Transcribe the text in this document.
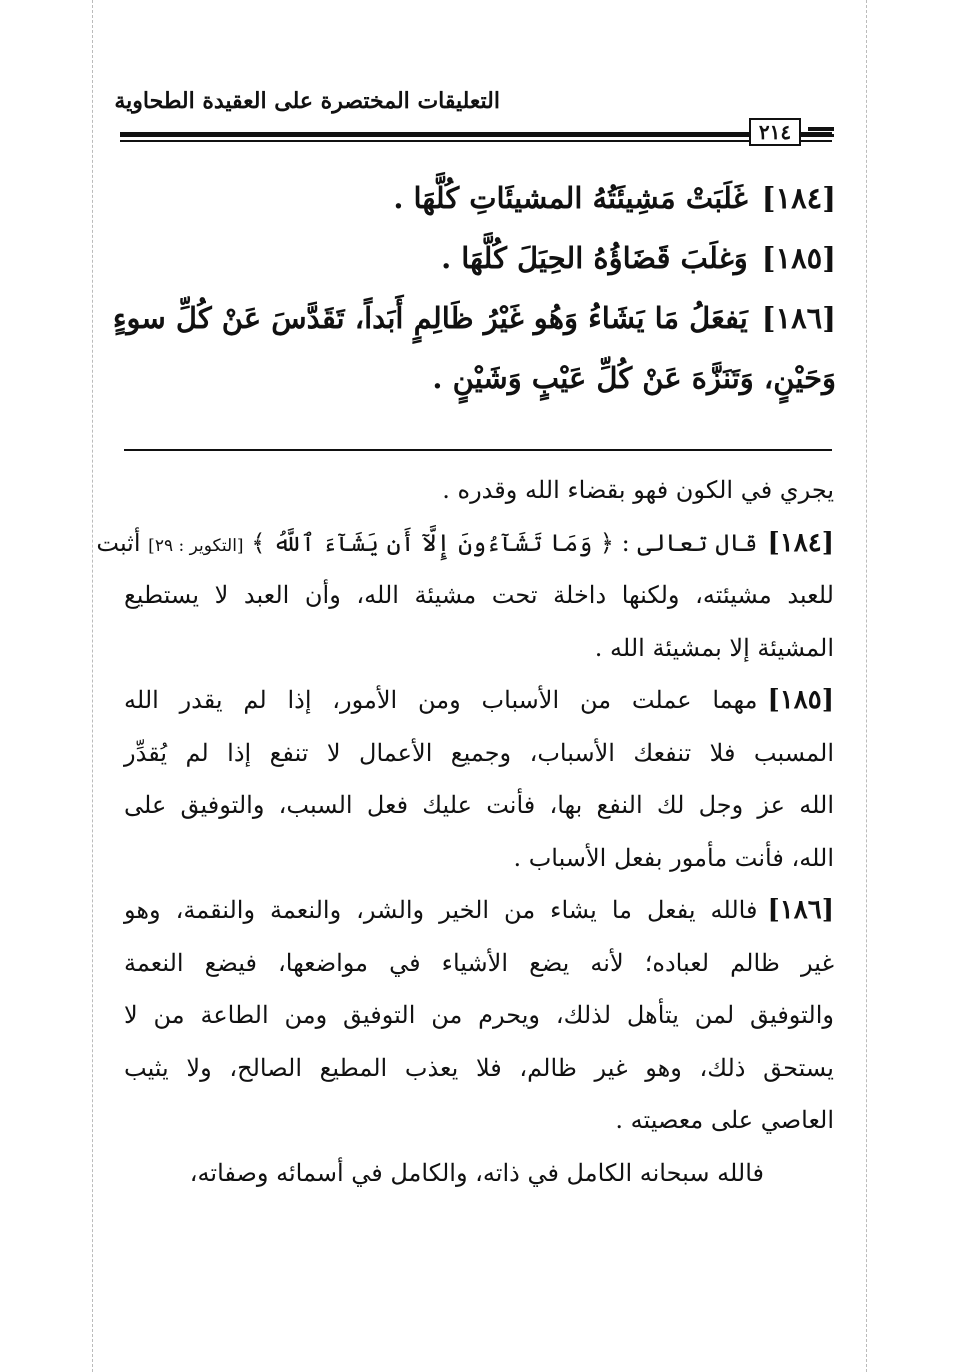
التعليقات المختصرة على العقيدة الطحاوية
٢١٤
[١٨٤]غَلَبَتْ مَشِيئَتُهُ المشيئَاتِ كُلَّهَا .
[١٨٥]وَغلَبَ قَضَاؤُهُ الحِيَلَ كُلَّهَا .
[١٨٦]يَفعَلُ مَا يَشَاءُ وَهُو غَيْرُ ظَالِمٍ أَبَداً، تَقَدَّسَ عَنْ كُلِّ سوءٍ
وَحَيْنٍ، وَتَنَزَّهَ عَنْ كُلِّ عَيْبٍ وَشَيْنٍ .
يجري في الكون فهو بقضاء الله وقدره .
[١٨٤]قال تعالى : ﴿ وَمَا تَشَآءُونَ إِلَّآ أَن يَشَآءَ ٱللَّهُ ﴾ [التكوير : ٢٩] أثبت
للعبد مشيئته، ولكنها داخلة تحت مشيئة الله، وأن العبد لا يستطيع
المشيئة إلا بمشيئة الله .
[١٨٥]مهما عملت من الأسباب ومن الأمور، إذا لم يقدر الله
المسبب فلا تنفعك الأسباب، وجميع الأعمال لا تنفع إذا لم يُقدِّر
الله عز وجل لك النفع بها، فأنت عليك فعل السبب، والتوفيق على
الله، فأنت مأمور بفعل الأسباب .
[١٨٦]فالله يفعل ما يشاء من الخير والشر، والنعمة والنقمة، وهو
غير ظالم لعباده؛ لأنه يضع الأشياء في مواضعها، فيضع النعمة
والتوفيق لمن يتأهل لذلك، ويحرم من التوفيق ومن الطاعة من لا
يستحق ذلك، وهو غير ظالم، فلا يعذب المطيع الصالح، ولا يثيب
العاصي على معصيته .
فالله سبحانه الكامل في ذاته، والكامل في أسمائه وصفاته،
